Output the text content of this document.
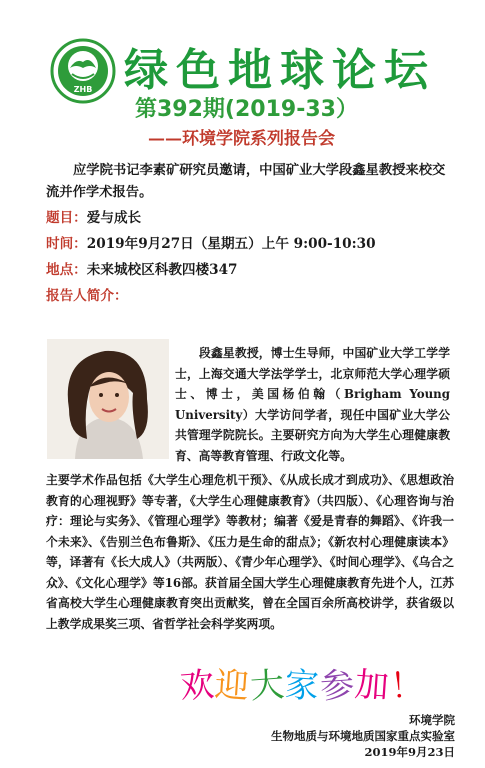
ZHB 绿色地球论坛
第392期(2019-33）
——环境学院系列报告会
应学院书记李素矿研究员邀请，中国矿业大学段鑫星教授来校交流并作学术报告。
题目：爱与成长
时间：2019年9月27日（星期五）上午 9:00-10:30
地点：未来城校区科教四楼347
报告人简介：
段鑫星教授，博士生导师，中国矿业大学工学学士，上海交通大学法学学士，北京师范大学心理学硕士、博士，美国杨伯翰（Brigham Young University）大学访问学者，现任中国矿业大学公共管理学院院长。主要研究方向为大学生心理健康教育、高等教育管理、行政文化等。
主要学术作品包括《大学生心理危机干预》、《从成长成才到成功》、《思想政治教育的心理视野》等专著，《大学生心理健康教育》（共四版）、《心理咨询与治疗：理论与实务》、《管理心理学》等教材；编著《爱是青春的舞蹈》、《许我一个未来》、《告别兰色布鲁斯》、《压力是生命的甜点》；《新农村心理健康读本》等，译著有《长大成人》（共两版）、《青少年心理学》、《时间心理学》、《乌合之众》、《文化心理学》等16部。获首届全国大学生心理健康教育先进个人，江苏省高校大学生心理健康教育突出贡献奖，曾在全国百余所高校讲学，获省级以上教学成果奖三项、省哲学社会科学奖两项。
欢迎大家参加！
环境学院
生物地质与环境地质国家重点实验室
2019年9月23日
